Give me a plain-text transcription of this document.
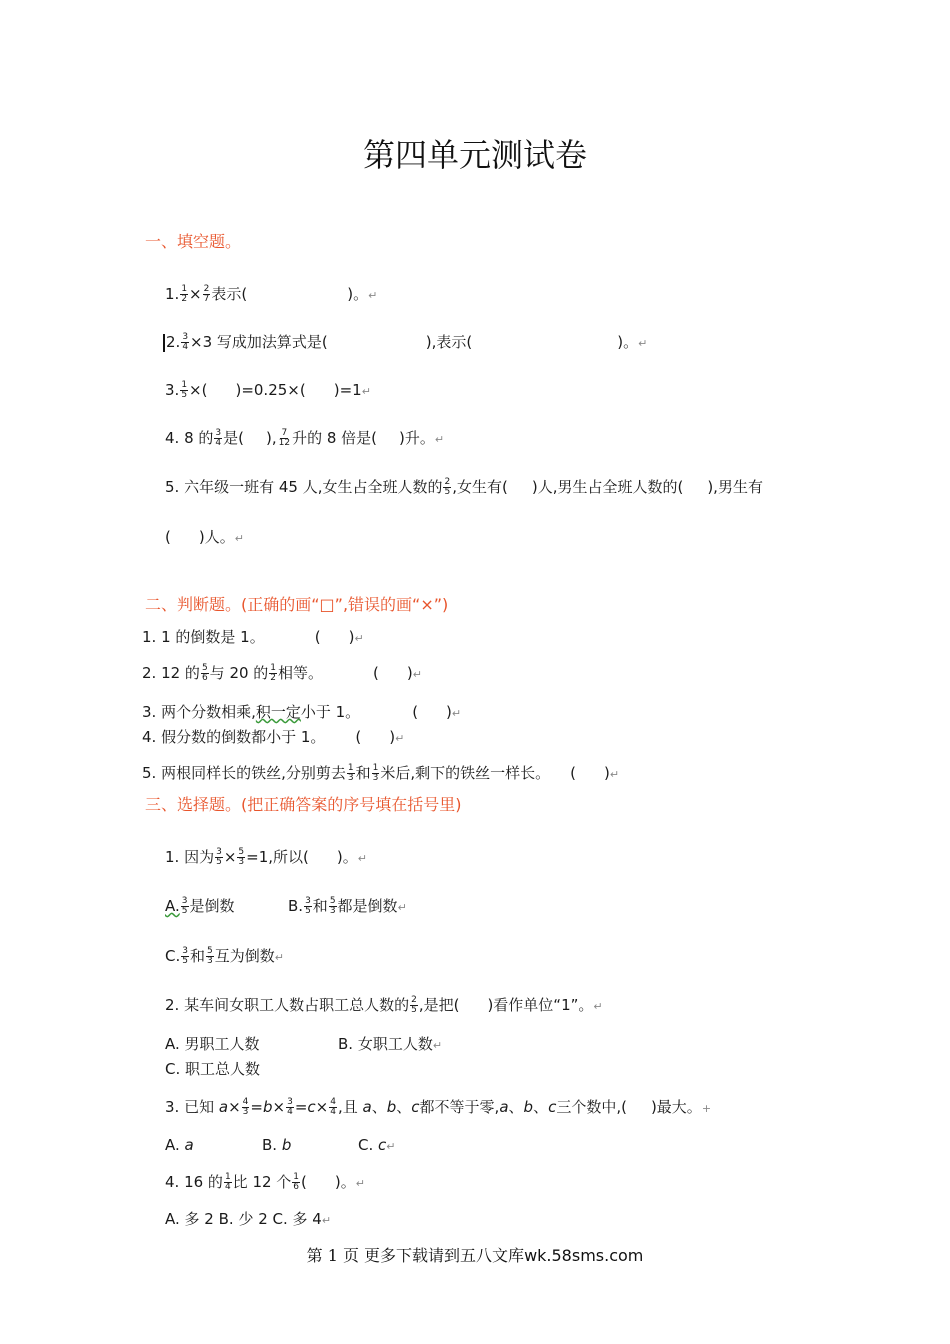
第四单元测试卷
一、填空题。
1. $\frac{1}{2} \times \frac{2}{7}$ 表示(	)。↵
2. $\frac{3}{4} \times 3$ 写成加法算式是(	),表示(	)。↵
3. $\frac{1}{5}$ ×( )=0.25×( )=1↵
4. 8 的 $\frac{3}{4}$ 是( ), $\frac{7}{12}$ 升的 8 倍是( )升。↵
5. 六年级一班有 45 人,女生占全班人数的 $\frac{2}{5}$ ,女生有( )人,男生占全班人数的( ),男生有
( )人。↵
二、判断题。(正确的画“□”,错误的画“×”)
1. 1 的倒数是 1。	( )↵
2. 12 的 $\frac{5}{6}$ 与 20 的 $\frac{1}{2}$ 相等。	( )↵
3. 两个分数相乘,积一定小于 1。	( )↵
4. 假分数的倒数都小于 1。 ( )↵
5. 两根同样长的铁丝,分别剪去 $\frac{1}{3}$ 和 $\frac{1}{3}$ 米后,剩下的铁丝一样长。 ( )↵
三、选择题。(把正确答案的序号填在括号里)
1. 因为 $\frac{3}{5} \times \frac{5}{3} =1$,所以( )。↵
A. $\frac{3}{5}$ 是倒数	B. $\frac{3}{5}$ 和 $\frac{5}{3}$ 都是倒数↵
C. $\frac{3}{5}$ 和 $\frac{5}{3}$ 互为倒数↵
2. 某车间女职工人数占职工总人数的 $\frac{2}{5}$ ,是把( )看作单位“1”。↵
A. 男职工人数	B. 女职工人数↵
C. 职工总人数
3. 已知 $a\times \frac{4}{3} =b\times \frac{3}{4} =c\times \frac{4}{4}$ ,且 a、b、c都不等于零,a、b、c三个数中,( )最大。+
A. a	B. b	C. c↵
4. 16 的 $\frac{1}{4}$ 比 12 个 $\frac{1}{6}$ ( )。↵
A. 多 2 B. 少 2 C. 多 4↵
第 1 页 更多下载请到五八文库wk.58sms.com
